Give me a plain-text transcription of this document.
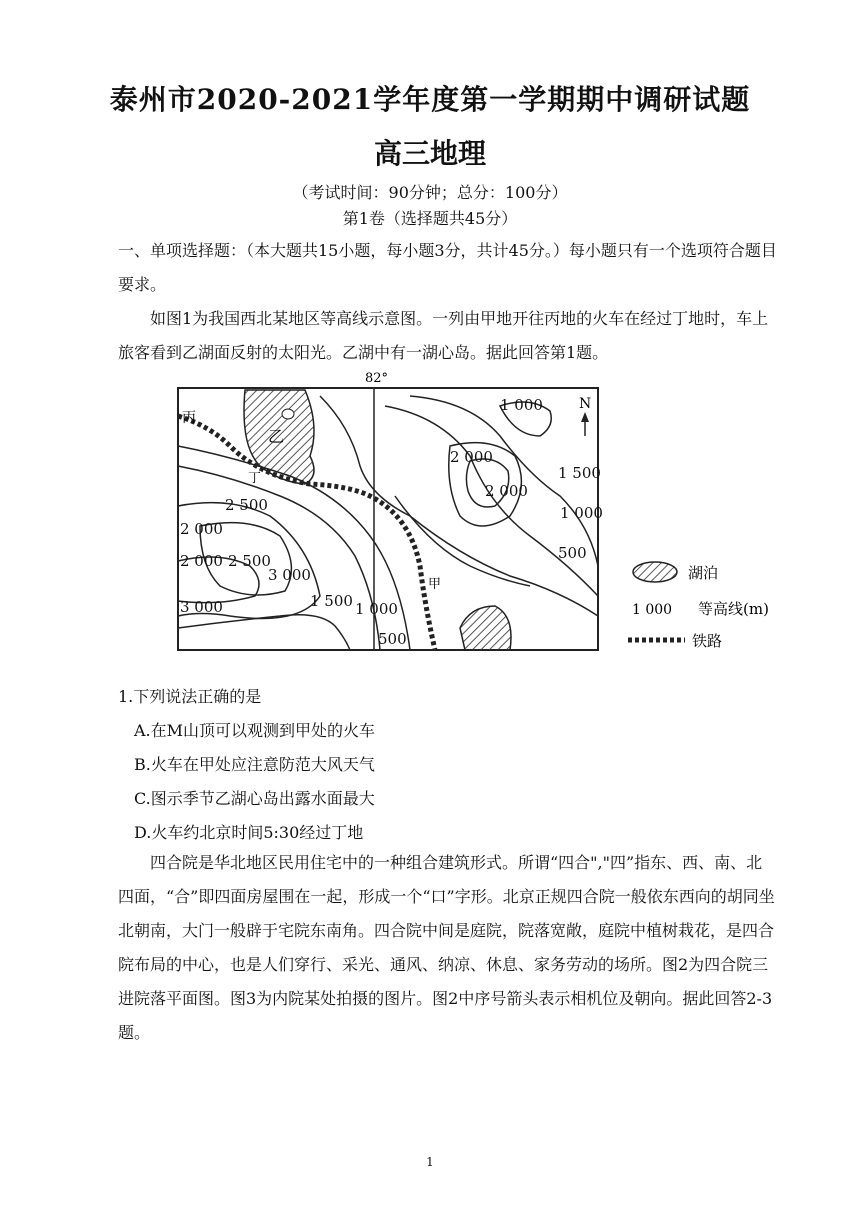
泰州市2020-2021学年度第一学期期中调研试题
高三地理
（考试时间：90分钟；总分：100分）
第1卷（选择题共45分）
一、单项选择题：（本大题共15小题，每小题3分，共计45分。）每小题只有一个选项符合题目要求。
如图1为我国西北某地区等高线示意图。一列由甲地开往丙地的火车在经过丁地时，车上旅客看到乙湖面反射的太阳光。乙湖中有一湖心岛。据此回答第1题。
82°
丙
乙
丁
甲
1 000
2 000
2 000
1 500
1 000
500
2 500
2 000
2 000 2 500
3 000
3 000	1 500 1 000
500
N
湖泊
1 000 等高线(m)
铁路
1.下列说法正确的是
A.在M山顶可以观测到甲处的火车
B.火车在甲处应注意防范大风天气
C.图示季节乙湖心岛出露水面最大
D.火车约北京时间5:30经过丁地
四合院是华北地区民用住宅中的一种组合建筑形式。所谓“四合","四”指东、西、南、北四面，“合”即四面房屋围在一起，形成一个“口”字形。北京正规四合院一般依东西向的胡同坐北朝南，大门一般辟于宅院东南角。四合院中间是庭院，院落宽敞，庭院中植树栽花，是四合院布局的中心，也是人们穿行、采光、通风、纳凉、休息、家务劳动的场所。图2为四合院三进院落平面图。图3为内院某处拍摄的图片。图2中序号箭头表示相机位及朝向。据此回答2-3题。
1
